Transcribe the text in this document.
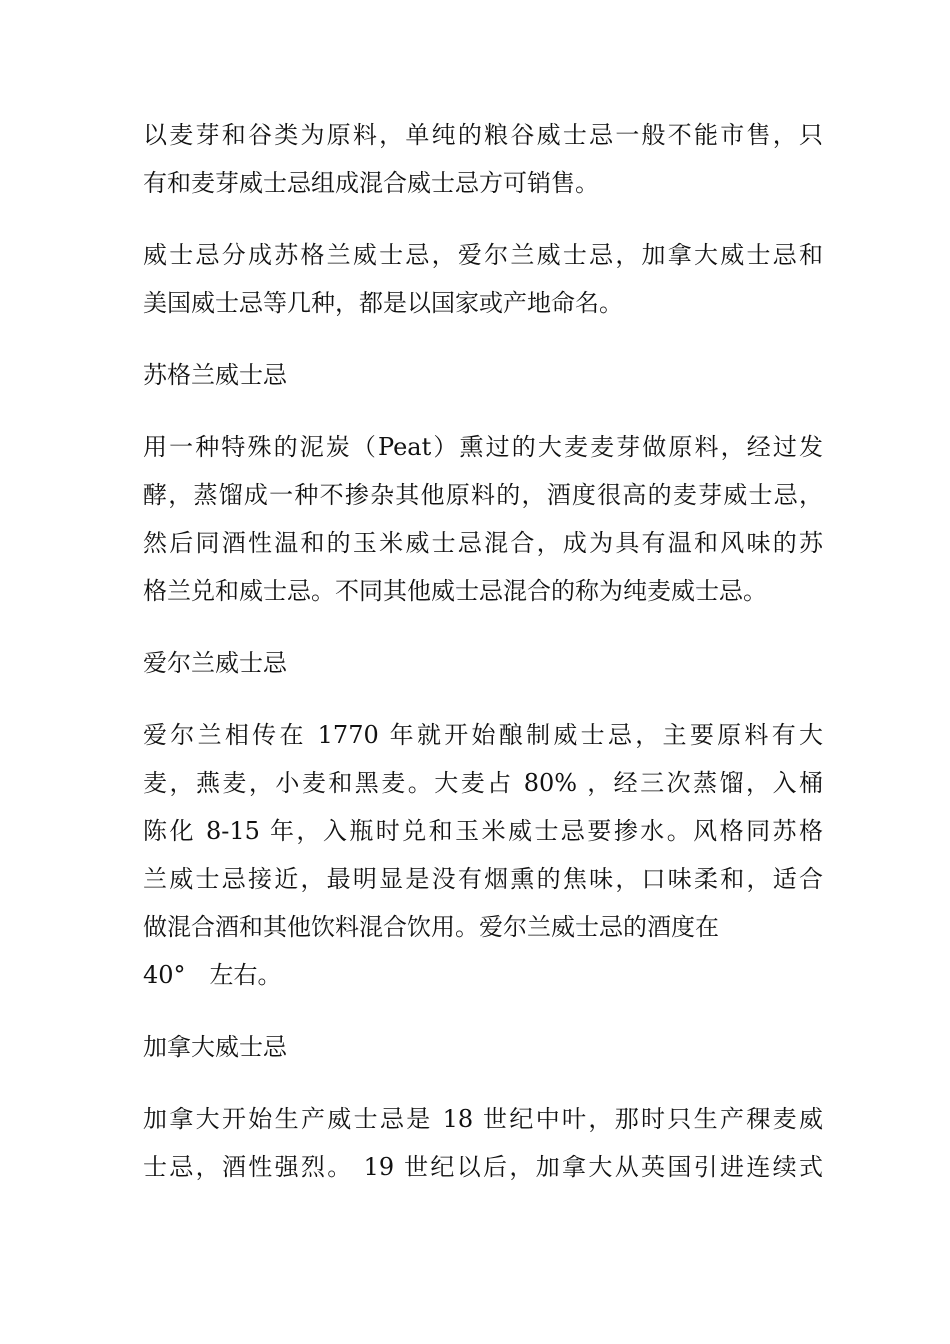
以麦芽和谷类为原料，单纯的粮谷威士忌一般不能市售，只
有和麦芽威士忌组成混合威士忌方可销售。
威士忌分成苏格兰威士忌，爱尔兰威士忌，加拿大威士忌和
美国威士忌等几种，都是以国家或产地命名。
苏格兰威士忌
用一种特殊的泥炭（Peat）熏过的大麦麦芽做原料，经过发
酵，蒸馏成一种不掺杂其他原料的，酒度很高的麦芽威士忌，
然后同酒性温和的玉米威士忌混合，成为具有温和风味的苏
格兰兑和威士忌。不同其他威士忌混合的称为纯麦威士忌。
爱尔兰威士忌
爱尔兰相传在 1770 年就开始酿制威士忌，主要原料有大
麦，燕麦，小麦和黑麦。大麦占 80% ，经三次蒸馏，入桶
陈化 8-15 年，入瓶时兑和玉米威士忌要掺水。风格同苏格
兰威士忌接近，最明显是没有烟熏的焦味，口味柔和，适合
做混合酒和其他饮料混合饮用。爱尔兰威士忌的酒度在
40°　左右。
加拿大威士忌
加拿大开始生产威士忌是 18 世纪中叶，那时只生产稞麦威
士忌，酒性强烈。 19 世纪以后，加拿大从英国引进连续式
